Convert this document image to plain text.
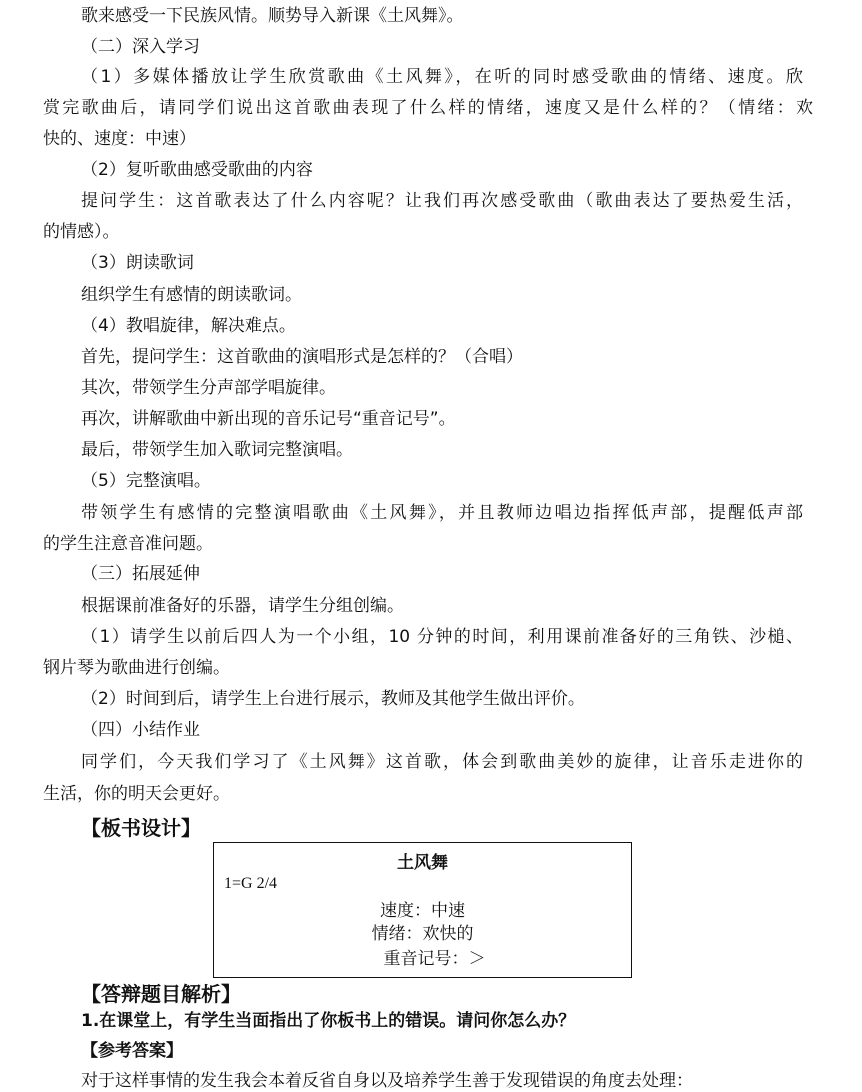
歌来感受一下民族风情。顺势导入新课《土风舞》。
（二）深入学习
（1）多媒体播放让学生欣赏歌曲《土风舞》，在听的同时感受歌曲的情绪、速度。欣
赏完歌曲后，请同学们说出这首歌曲表现了什么样的情绪，速度又是什么样的？（情绪：欢
快的、速度：中速）
（2）复听歌曲感受歌曲的内容
提问学生：这首歌表达了什么内容呢？让我们再次感受歌曲（歌曲表达了要热爱生活，
的情感）。
（3）朗读歌词
组织学生有感情的朗读歌词。
（4）教唱旋律，解决难点。
首先，提问学生：这首歌曲的演唱形式是怎样的？（合唱）
其次，带领学生分声部学唱旋律。
再次，讲解歌曲中新出现的音乐记号“重音记号”。
最后，带领学生加入歌词完整演唱。
（5）完整演唱。
带领学生有感情的完整演唱歌曲《土风舞》，并且教师边唱边指挥低声部，提醒低声部
的学生注意音准问题。
（三）拓展延伸
根据课前准备好的乐器，请学生分组创编。
（1）请学生以前后四人为一个小组，10 分钟的时间，利用课前准备好的三角铁、沙槌、
钢片琴为歌曲进行创编。
（2）时间到后，请学生上台进行展示，教师及其他学生做出评价。
（四）小结作业
同学们，今天我们学习了《土风舞》这首歌，体会到歌曲美妙的旋律，让音乐走进你的
生活，你的明天会更好。
【板书设计】
土风舞
1=G 2/4
速度：中速
情绪：欢快的
重音记号：＞
【答辩题目解析】
1.在课堂上，有学生当面指出了你板书上的错误。请问你怎么办？
【参考答案】
对于这样事情的发生我会本着反省自身以及培养学生善于发现错误的角度去处理：
